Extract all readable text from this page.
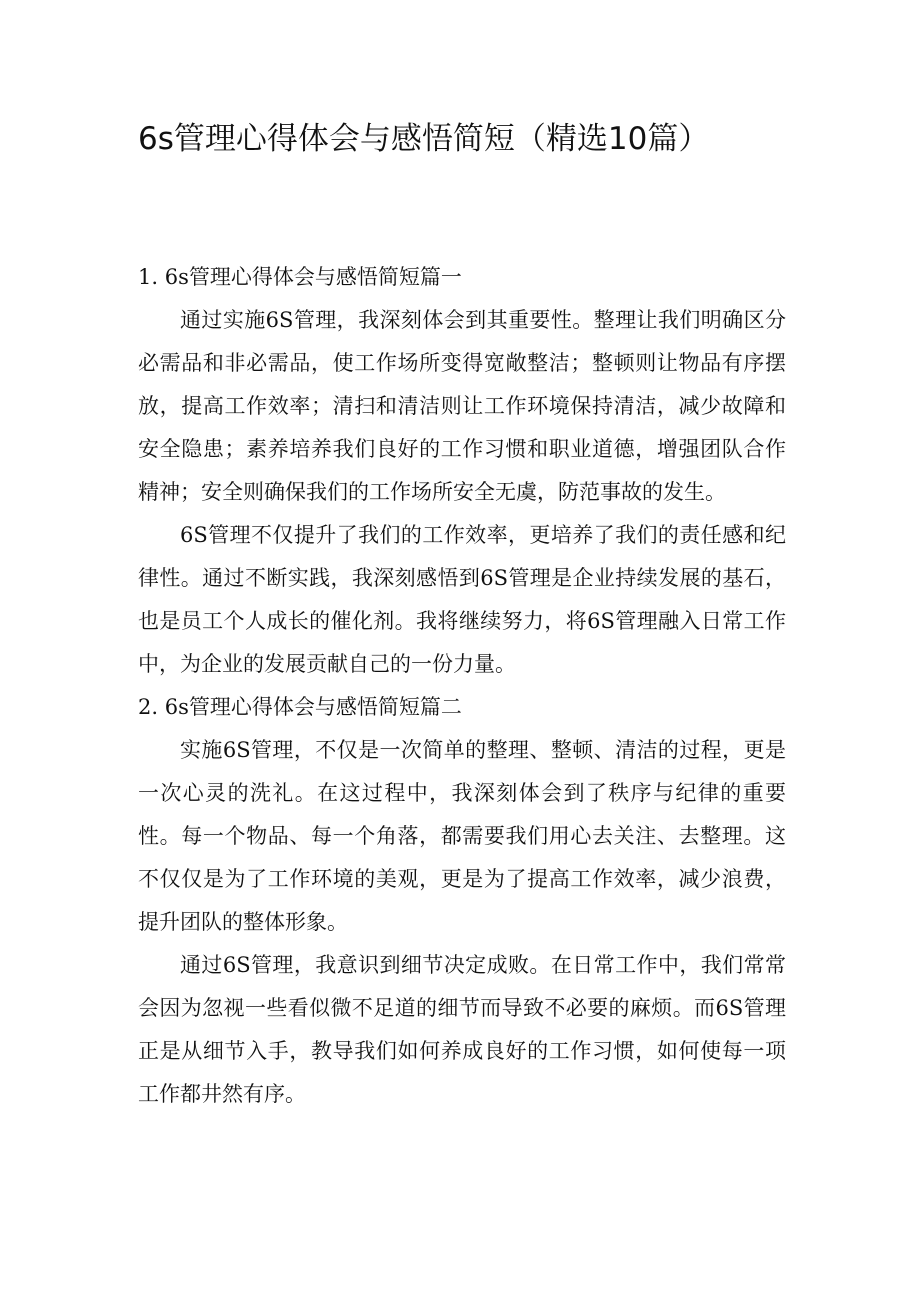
6s管理心得体会与感悟简短（精选10篇）
1. 6s管理心得体会与感悟简短篇一

通过实施6S管理，我深刻体会到其重要性。整理让我们明确区分必需品和非必需品，使工作场所变得宽敞整洁；整顿则让物品有序摆放，提高工作效率；清扫和清洁则让工作环境保持清洁，减少故障和安全隐患；素养培养我们良好的工作习惯和职业道德，增强团队合作精神；安全则确保我们的工作场所安全无虞，防范事故的发生。

6S管理不仅提升了我们的工作效率，更培养了我们的责任感和纪律性。通过不断实践，我深刻感悟到6S管理是企业持续发展的基石，也是员工个人成长的催化剂。我将继续努力，将6S管理融入日常工作中，为企业的发展贡献自己的一份力量。

2. 6s管理心得体会与感悟简短篇二

实施6S管理，不仅是一次简单的整理、整顿、清洁的过程，更是一次心灵的洗礼。在这过程中，我深刻体会到了秩序与纪律的重要性。每一个物品、每一个角落，都需要我们用心去关注、去整理。这不仅仅是为了工作环境的美观，更是为了提高工作效率，减少浪费，提升团队的整体形象。

通过6S管理，我意识到细节决定成败。在日常工作中，我们常常会因为忽视一些看似微不足道的细节而导致不必要的麻烦。而6S管理正是从细节入手，教导我们如何养成良好的工作习惯，如何使每一项工作都井然有序。
